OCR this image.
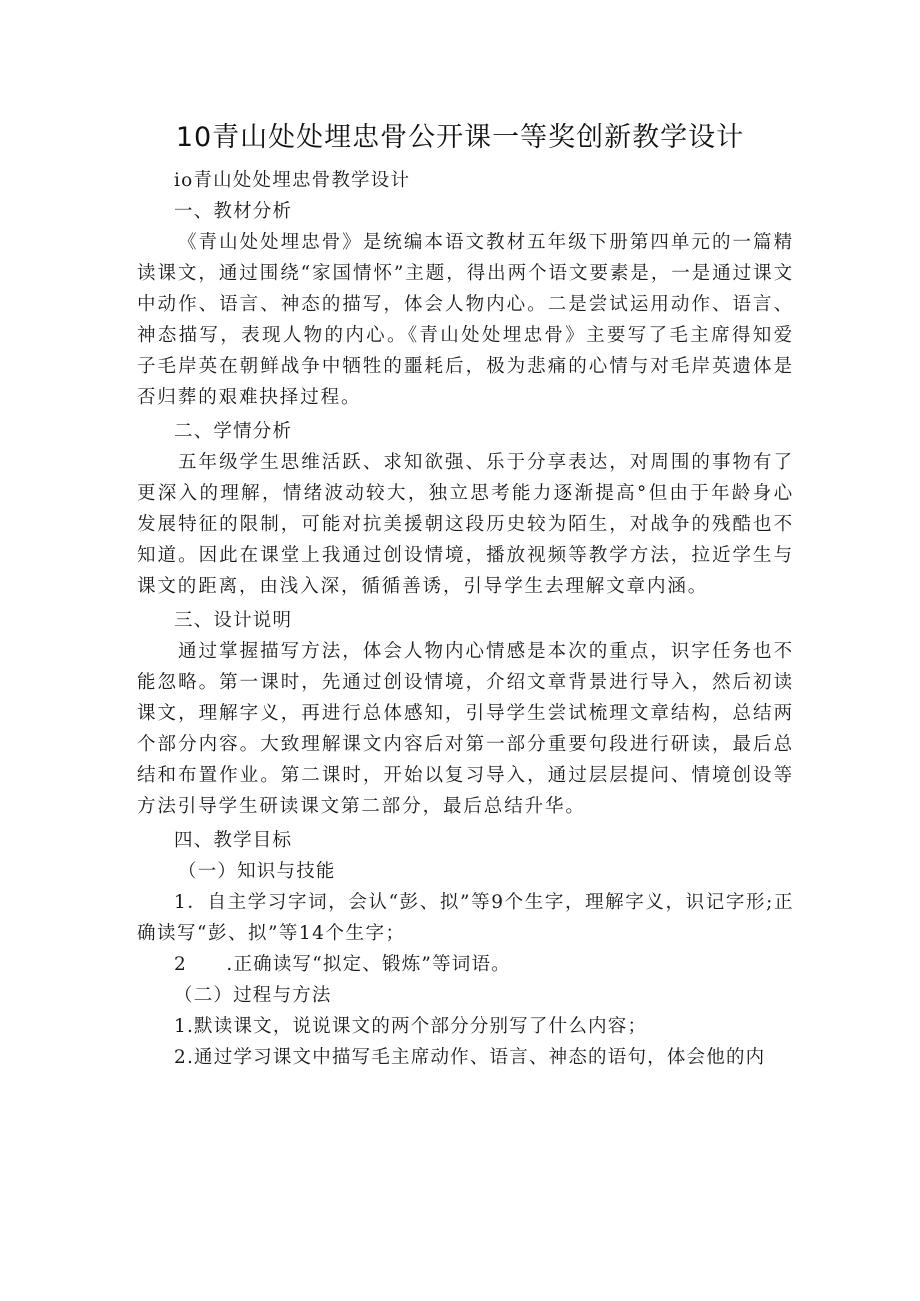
10青山处处埋忠骨公开课一等奖创新教学设计
io青山处处埋忠骨教学设计
一、教材分析
《青山处处埋忠骨》是统编本语文教材五年级下册第四单元的一篇精读课文，通过围绕“家国情怀”主题，得出两个语文要素是，一是通过课文中动作、语言、神态的描写，体会人物内心。二是尝试运用动作、语言、神态描写，表现人物的内心。《青山处处埋忠骨》主要写了毛主席得知爱子毛岸英在朝鲜战争中牺牲的噩耗后，极为悲痛的心情与对毛岸英遗体是否归葬的艰难抉择过程。
二、学情分析
五年级学生思维活跃、求知欲强、乐于分享表达，对周围的事物有了更深入的理解，情绪波动较大，独立思考能力逐渐提高°但由于年龄身心发展特征的限制，可能对抗美援朝这段历史较为陌生，对战争的残酷也不知道。因此在课堂上我通过创设情境，播放视频等教学方法，拉近学生与课文的距离，由浅入深，循循善诱，引导学生去理解文章内涵。
三、设计说明
通过掌握描写方法，体会人物内心情感是本次的重点，识字任务也不能忽略。第一课时，先通过创设情境，介绍文章背景进行导入，然后初读课文，理解字义，再进行总体感知，引导学生尝试梳理文章结构，总结两个部分内容。大致理解课文内容后对第一部分重要句段进行研读，最后总结和布置作业。第二课时，开始以复习导入，通过层层提问、情境创设等方法引导学生研读课文第二部分，最后总结升华。
四、教学目标
（一）知识与技能
1．自主学习字词，会认“彭、拟”等9个生字，理解字义，识记字形;正确读写“彭、拟”等14个生字；
2　　.正确读写“拟定、锻炼”等词语。
（二）过程与方法
1.默读课文，说说课文的两个部分分别写了什么内容；
2.通过学习课文中描写毛主席动作、语言、神态的语句，体会他的内
